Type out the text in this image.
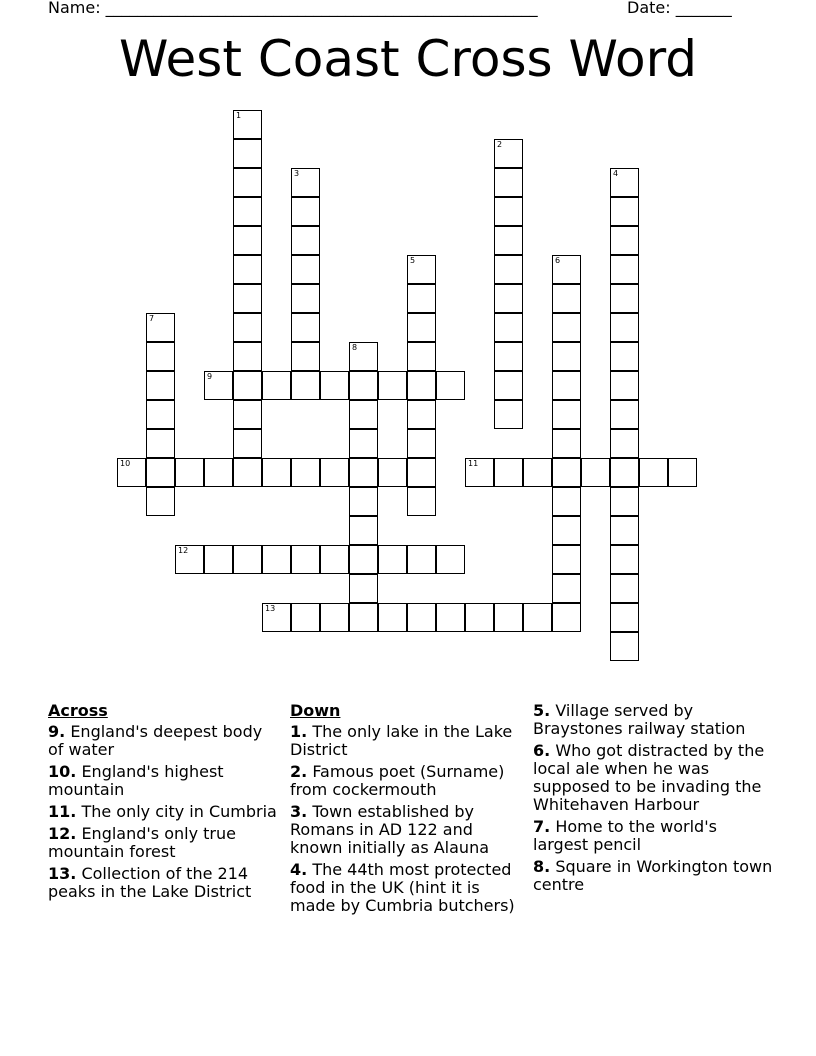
Name: ______________________________________________________	Date: _______
West Coast Cross Word
1
2
3	4
5	6
7
8
9
10	11
12
13
Across
9. England's deepest body of water
10. England's highest mountain
11. The only city in Cumbria
12. England's only true mountain forest
13. Collection of the 214 peaks in the Lake District
Down
1. The only lake in the Lake District
2. Famous poet (Surname) from cockermouth
3. Town established by Romans in AD 122 and known initially as Alauna
4. The 44th most protected food in the UK (hint it is made by Cumbria butchers)
5. Village served by Braystones railway station
6. Who got distracted by the local ale when he was supposed to be invading the Whitehaven Harbour
7. Home to the world's largest pencil
8. Square in Workington town centre
